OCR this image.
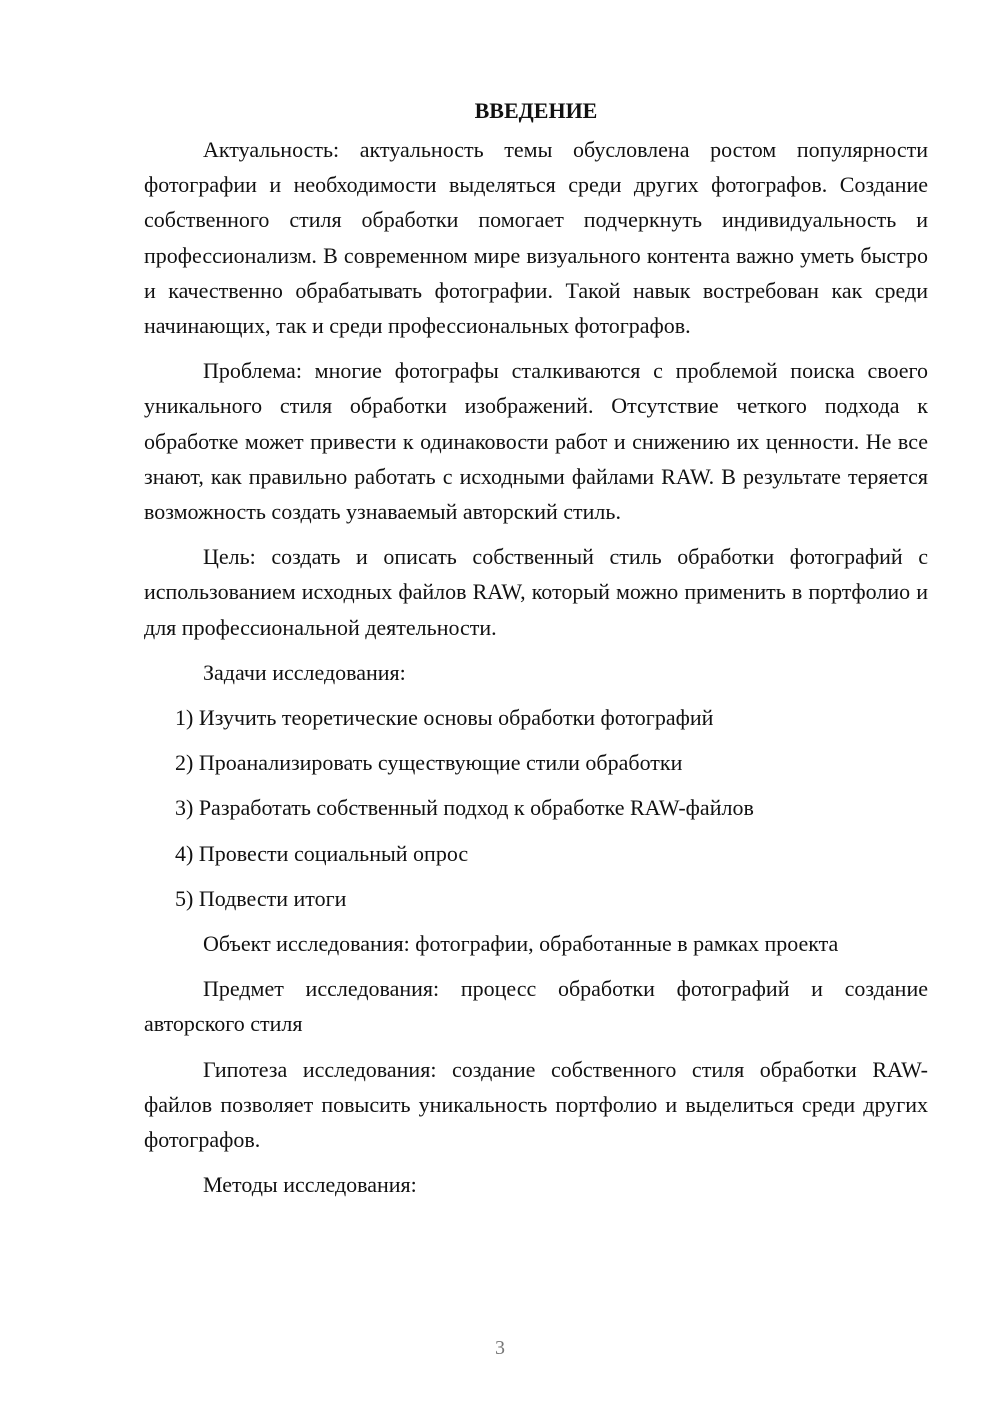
ВВЕДЕНИЕ

Актуальность: актуальность темы обусловлена ростом популярности фотографии и необходимости выделяться среди других фотографов. Создание собственного стиля обработки помогает подчеркнуть индивидуальность и профессионализм. В современном мире визуального контента важно уметь быстро и качественно обрабатывать фотографии. Такой навык востребован как среди начинающих, так и среди профессиональных фотографов.

Проблема: многие фотографы сталкиваются с проблемой поиска своего уникального стиля обработки изображений. Отсутствие четкого подхода к обработке может привести к одинаковости работ и снижению их ценности. Не все знают, как правильно работать с исходными файлами RAW. В результате теряется возможность создать узнаваемый авторский стиль.

Цель: создать и описать собственный стиль обработки фотографий с использованием исходных файлов RAW, который можно применить в портфолио и для профессиональной деятельности.

Задачи исследования:

1) Изучить теоретические основы обработки фотографий
2) Проанализировать существующие стили обработки
3) Разработать собственный подход к обработке RAW-файлов
4) Провести социальный опрос
5) Подвести итоги

Объект исследования: фотографии, обработанные в рамках проекта

Предмет исследования: процесс обработки фотографий и создание авторского стиля

Гипотеза исследования: создание собственного стиля обработки RAW-файлов позволяет повысить уникальность портфолио и выделиться среди других фотографов.

Методы исследования:

3
